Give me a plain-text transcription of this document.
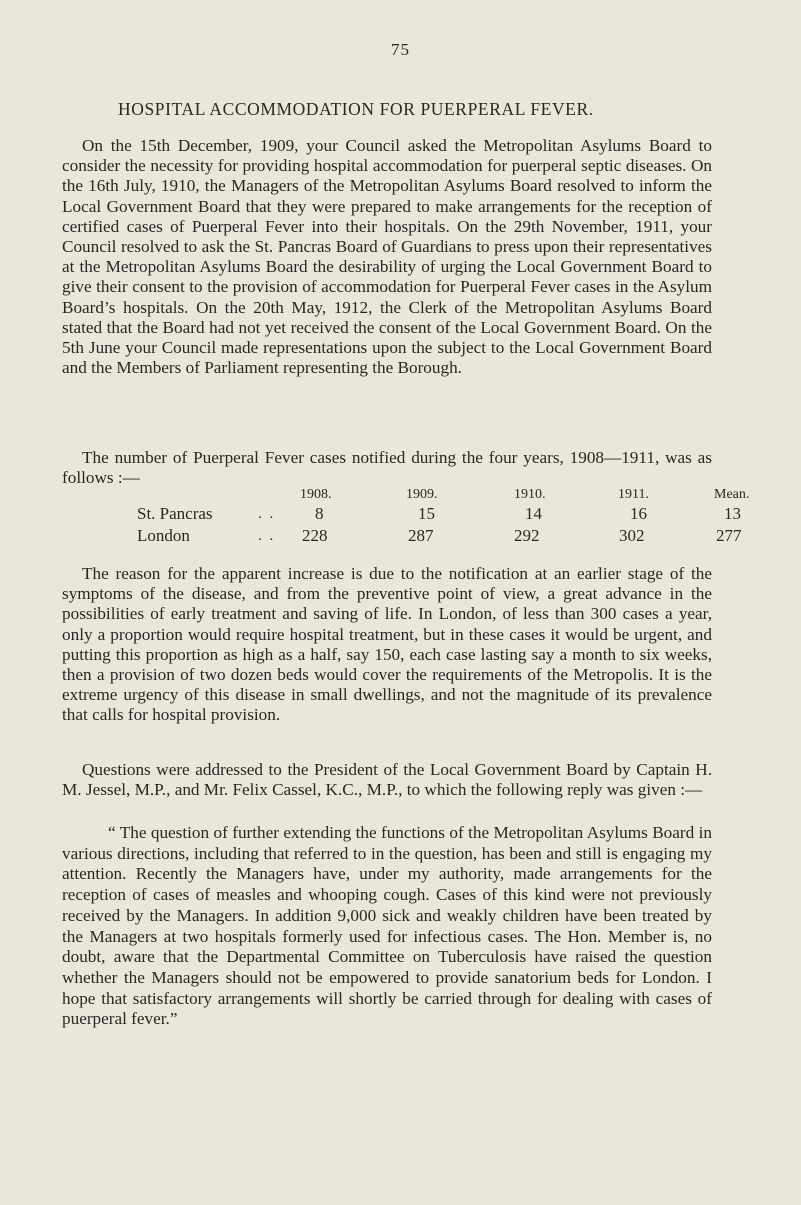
75
HOSPITAL ACCOMMODATION FOR PUERPERAL FEVER.

On the 15th December, 1909, your Council asked the Metropolitan Asylums Board to consider the necessity for providing hospital accommodation for puerperal septic diseases. On the 16th July, 1910, the Managers of the Metropolitan Asylums Board resolved to inform the Local Government Board that they were prepared to make arrangements for the reception of certified cases of Puerperal Fever into their hospitals. On the 29th November, 1911, your Council resolved to ask the St. Pancras Board of Guardians to press upon their representatives at the Metropolitan Asylums Board the desirability of urging the Local Government Board to give their consent to the provision of accommodation for Puerperal Fever cases in the Asylum Board’s hospitals. On the 20th May, 1912, the Clerk of the Metropolitan Asylums Board stated that the Board had not yet received the consent of the Local Government Board. On the 5th June your Council made representations upon the subject to the Local Government Board and the Members of Parliament representing the Borough.

The number of Puerperal Fever cases notified during the four years, 1908—1911, was as follows :—

1908.	1909.	1910.	1911.	Mean.
St. Pancras	. . 8	15	14	16	13
London	. . 228	287	292	302	277

The reason for the apparent increase is due to the notification at an earlier stage of the symptoms of the disease, and from the preventive point of view, a great advance in the possibilities of early treatment and saving of life. In London, of less than 300 cases a year, only a proportion would require hospital treatment, but in these cases it would be urgent, and putting this proportion as high as a half, say 150, each case lasting say a month to six weeks, then a provision of two dozen beds would cover the requirements of the Metropolis. It is the extreme urgency of this disease in small dwellings, and not the magnitude of its prevalence that calls for hospital provision.

Questions were addressed to the President of the Local Government Board by Captain H. M. Jessel, M.P., and Mr. Felix Cassel, K.C., M.P., to which the following reply was given :—

“ The question of further extending the functions of the Metropolitan Asylums Board in various directions, including that referred to in the question, has been and still is engaging my attention. Recently the Managers have, under my authority, made arrangements for the reception of cases of measles and whooping cough. Cases of this kind were not previously received by the Managers. In addition 9,000 sick and weakly children have been treated by the Managers at two hospitals formerly used for infectious cases. The Hon. Member is, no doubt, aware that the Departmental Committee on Tuberculosis have raised the question whether the Managers should not be empowered to provide sanatorium beds for London. I hope that satisfactory arrangements will shortly be carried through for dealing with cases of puerperal fever.”
